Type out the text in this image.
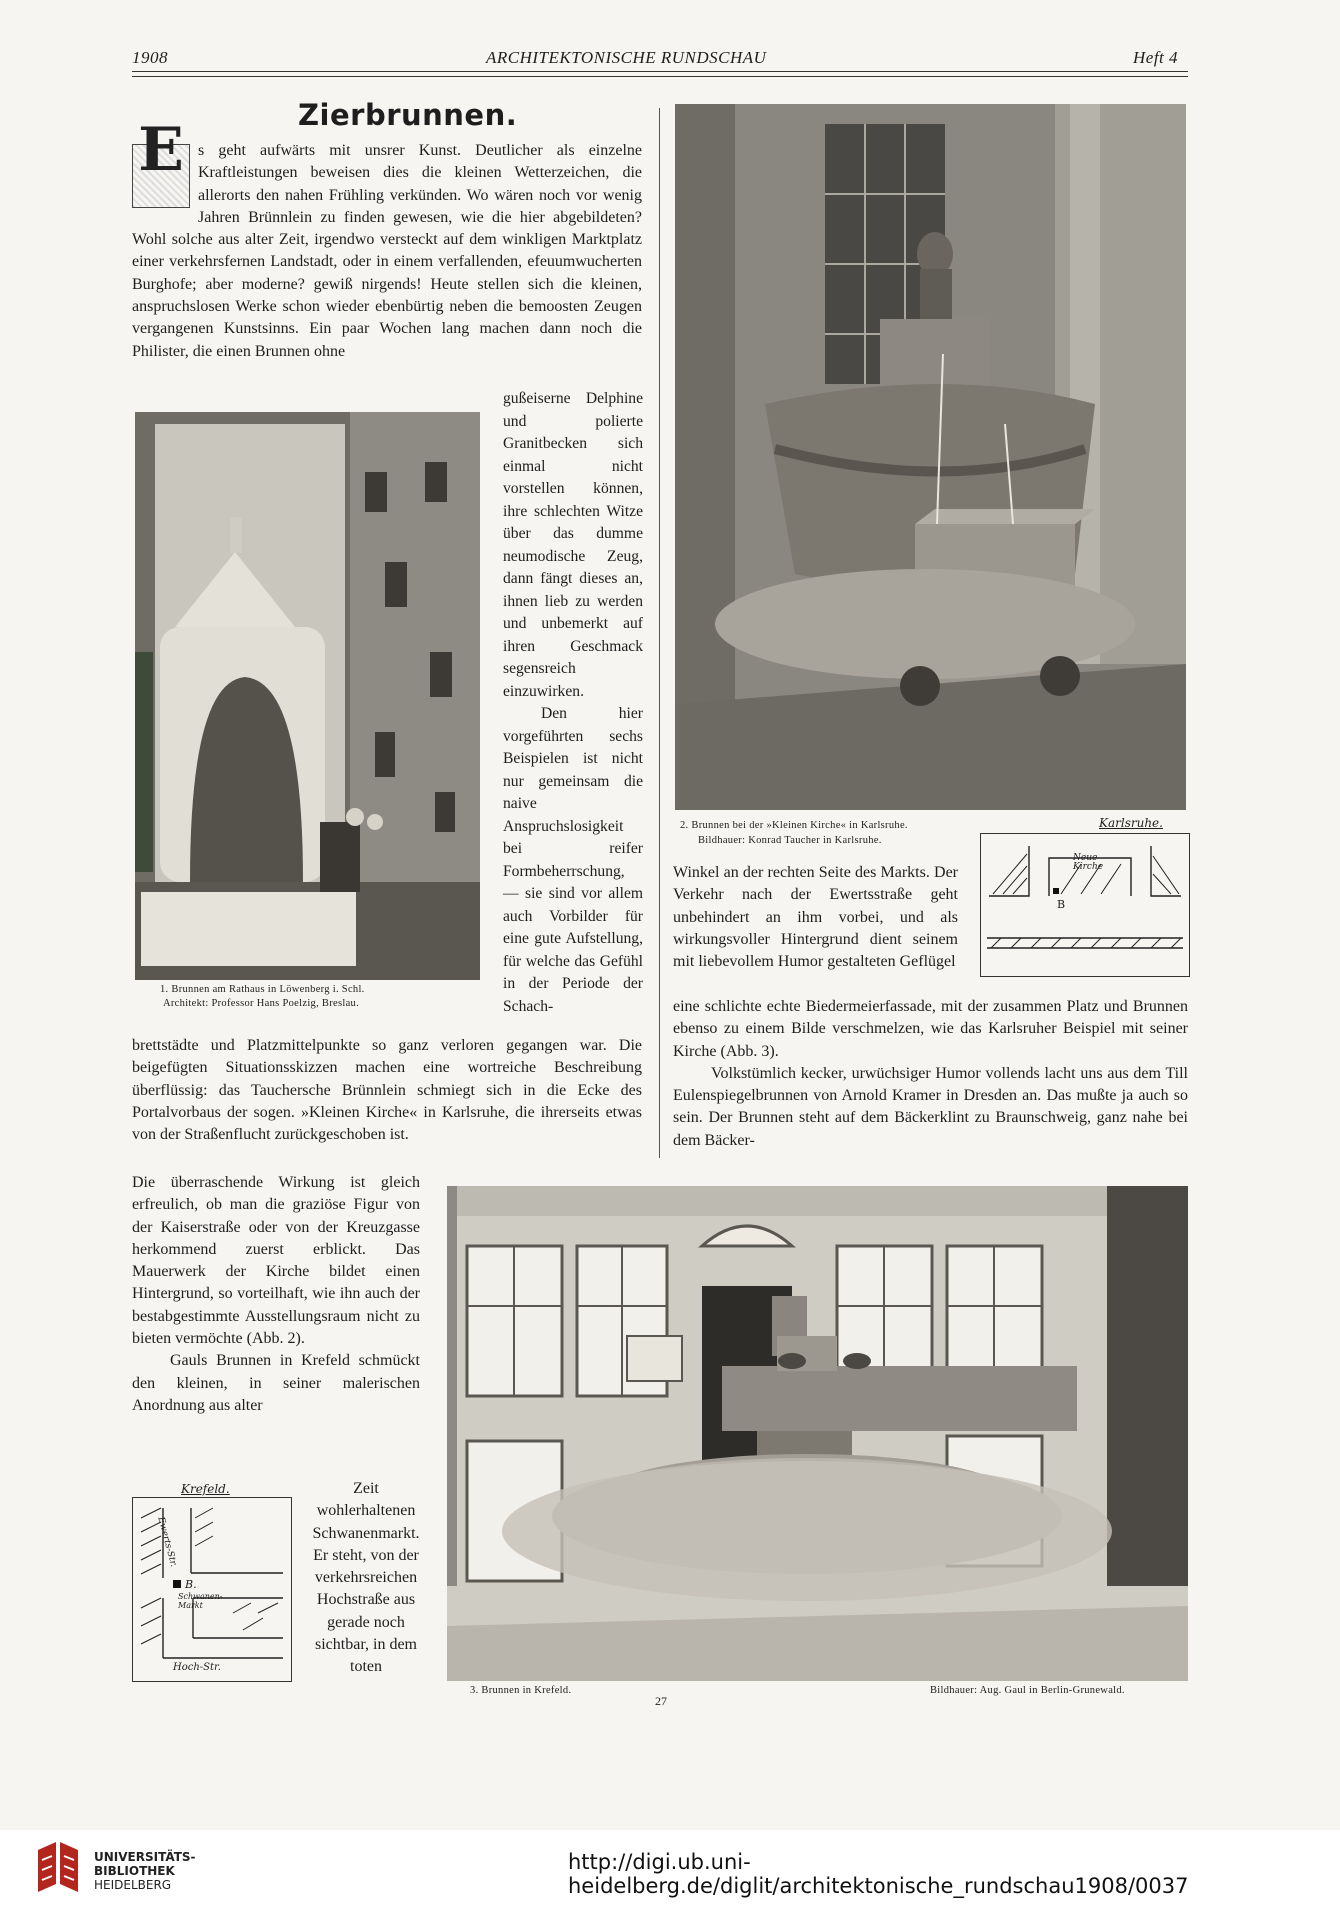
1908	ARCHITEKTONISCHE RUNDSCHAU	Heft 4
Zierbrunnen.
E s geht aufwärts mit unsrer Kunst. Deutlicher als einzelne Kraftleistungen beweisen dies die kleinen Wetterzeichen, die allerorts den nahen Frühling verkünden. Wo wären noch vor wenig Jahren Brünnlein zu finden gewesen, wie die hier abgebildeten? Wohl solche aus alter Zeit, irgendwo versteckt auf dem winkligen Marktplatz einer verkehrsfernen Landstadt, oder in einem verfallenden, efeuumwucherten Burghofe; aber moderne? gewiß nirgends! Heute stellen sich die kleinen, anspruchslosen Werke schon wieder ebenbürtig neben die bemoosten Zeugen vergangenen Kunstsinns. Ein paar Wochen lang machen dann noch die Philister, die einen Brunnen ohne

1. Brunnen am Rathaus in Löwenberg i. Schl.
Architekt: Professor Hans Poelzig, Breslau.

gußeiserne Delphine und polierte Granitbecken sich einmal nicht vorstellen können, ihre schlechten Witze über das dumme neumodische Zeug, dann fängt dieses an, ihnen lieb zu werden und unbemerkt auf ihren Geschmack segensreich einzuwirken.

Den hier vorgeführten sechs Beispielen ist nicht nur gemeinsam die naive Anspruchslosigkeit bei reifer Formbeherrschung, — sie sind vor allem auch Vorbilder für eine gute Aufstellung, für welche das Gefühl in der Periode der Schach-

brettstädte und Platzmittelpunkte so ganz verloren gegangen war. Die beigefügten Situationsskizzen machen eine wortreiche Beschreibung überflüssig: das Tauchersche Brünnlein schmiegt sich in die Ecke des Portalvorbaus der sogen. »Kleinen Kirche« in Karlsruhe, die ihrerseits etwas von der Straßenflucht zurückgeschoben ist.

Die überraschende Wirkung ist gleich erfreulich, ob man die graziöse Figur von der Kaiserstraße oder von der Kreuzgasse herkommend zuerst erblickt. Das Mauerwerk der Kirche bildet einen Hintergrund, so vorteilhaft, wie ihn auch der bestabgestimmte Ausstellungsraum nicht zu bieten vermöchte (Abb. 2).

Gauls Brunnen in Krefeld schmückt den kleinen, in seiner malerischen Anordnung aus alter

Krefeld.
Ewerts-Str.
B.
Schwanen-Markt
Hoch-Str.

Zeit wohlerhaltenen Schwanenmarkt. Er steht, von der verkehrsreichen Hochstraße aus gerade noch sichtbar, in dem toten

2. Brunnen bei der »Kleinen Kirche« in Karlsruhe.
Bildhauer: Konrad Taucher in Karlsruhe.
Karlsruhe.
Neue Kirche
B

Winkel an der rechten Seite des Markts. Der Verkehr nach der Ewertsstraße geht unbehindert an ihm vorbei, und als wirkungsvoller Hintergrund dient seinem mit liebevollem Humor gestalteten Geflügel

eine schlichte echte Biedermeierfassade, mit der zusammen Platz und Brunnen ebenso zu einem Bilde verschmelzen, wie das Karlsruher Beispiel mit seiner Kirche (Abb. 3).

Volkstümlich kecker, urwüchsiger Humor vollends lacht uns aus dem Till Eulenspiegelbrunnen von Arnold Kramer in Dresden an. Das mußte ja auch so sein. Der Brunnen steht auf dem Bäckerklint zu Braunschweig, ganz nahe bei dem Bäcker-

3. Brunnen in Krefeld.	Bildhauer: Aug. Gaul in Berlin-Grunewald.
27
UNIVERSITÄTS-
BIBLIOTHEK
HEIDELBERG
http://digi.ub.uni-heidelberg.de/diglit/architektonische_rundschau1908/0037
